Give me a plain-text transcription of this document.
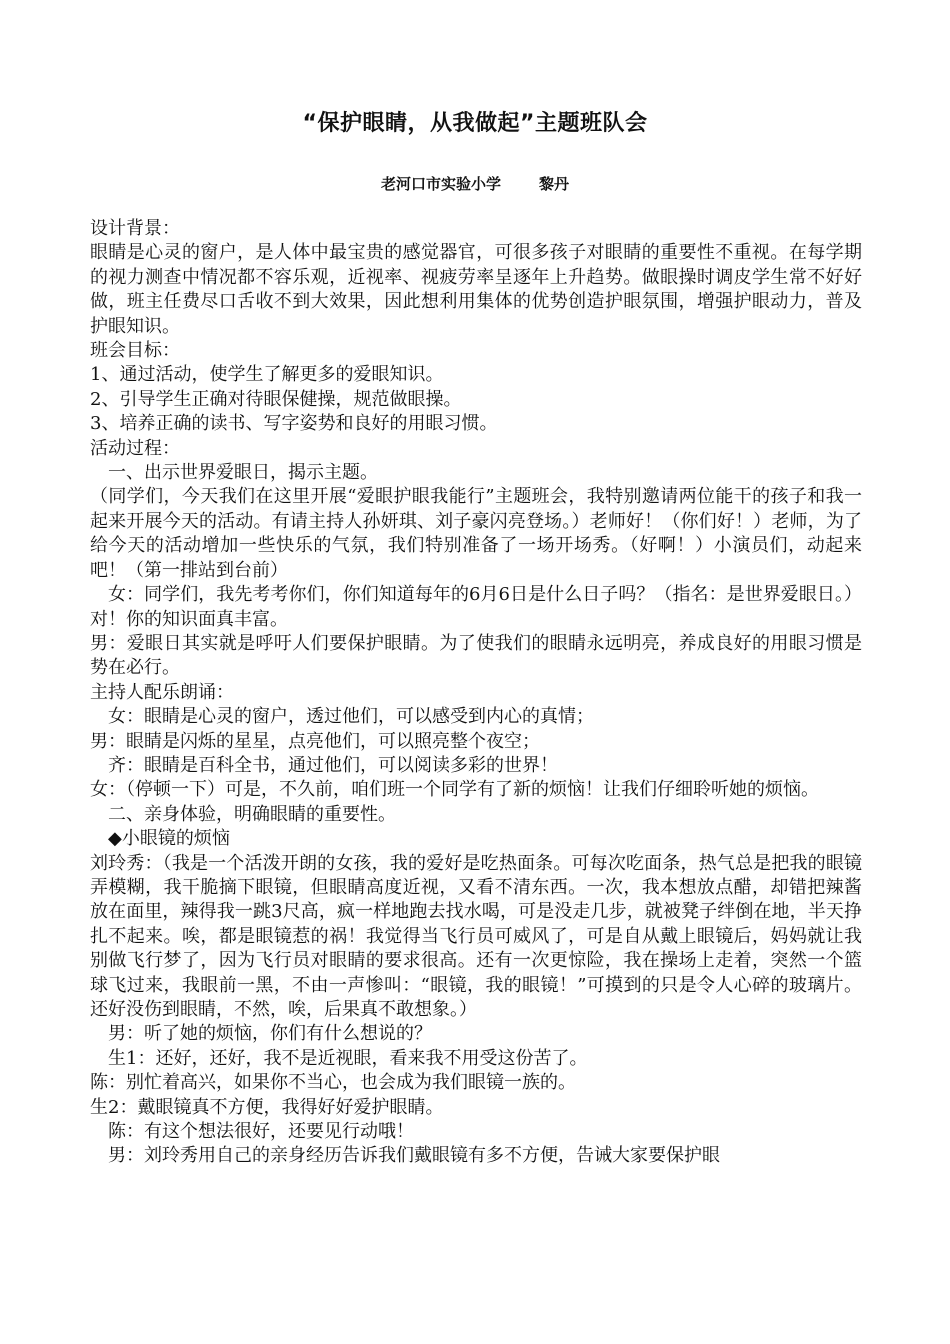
“保护眼睛，从我做起”主题班队会
老河口市实验小学	黎丹

设计背景：

眼睛是心灵的窗户，是人体中最宝贵的感觉器官，可很多孩子对眼睛的重要性不重视。在每学期的视力测查中情况都不容乐观，近视率、视疲劳率呈逐年上升趋势。做眼操时调皮学生常不好好做，班主任费尽口舌收不到大效果，因此想利用集体的优势创造护眼氛围，增强护眼动力，普及护眼知识。

班会目标：

1、通过活动，使学生了解更多的爱眼知识。

2、引导学生正确对待眼保健操，规范做眼操。

3、培养正确的读书、写字姿势和良好的用眼习惯。

活动过程：

一、出示世界爱眼日，揭示主题。

（同学们，今天我们在这里开展“爱眼护眼我能行”主题班会，我特别邀请两位能干的孩子和我一起来开展今天的活动。有请主持人孙妍琪、刘子豪闪亮登场。）老师好！（你们好！）老师，为了给今天的活动增加一些快乐的气氛，我们特别准备了一场开场秀。（好啊！）小演员们，动起来吧！（第一排站到台前）

女：同学们，我先考考你们，你们知道每年的6月6日是什么日子吗？（指名：是世界爱眼日。）对！你的知识面真丰富。

男：爱眼日其实就是呼吁人们要保护眼睛。为了使我们的眼睛永远明亮，养成良好的用眼习惯是势在必行。

主持人配乐朗诵：

女：眼睛是心灵的窗户，透过他们，可以感受到内心的真情；

男：眼睛是闪烁的星星，点亮他们，可以照亮整个夜空；

齐：眼睛是百科全书，通过他们，可以阅读多彩的世界！

女：（停顿一下）可是，不久前，咱们班一个同学有了新的烦恼！让我们仔细聆听她的烦恼。

二、亲身体验，明确眼睛的重要性。

◆小眼镜的烦恼

刘玲秀：（我是一个活泼开朗的女孩，我的爱好是吃热面条。可每次吃面条，热气总是把我的眼镜弄模糊，我干脆摘下眼镜，但眼睛高度近视，又看不清东西。一次，我本想放点醋，却错把辣酱放在面里，辣得我一跳3尺高，疯一样地跑去找水喝，可是没走几步，就被凳子绊倒在地，半天挣扎不起来。唉，都是眼镜惹的祸！我觉得当飞行员可威风了，可是自从戴上眼镜后，妈妈就让我别做飞行梦了，因为飞行员对眼睛的要求很高。还有一次更惊险，我在操场上走着，突然一个篮球飞过来，我眼前一黑，不由一声惨叫：“眼镜，我的眼镜！”可摸到的只是令人心碎的玻璃片。还好没伤到眼睛，不然，唉，后果真不敢想象。）

男：听了她的烦恼，你们有什么想说的？

生1：还好，还好，我不是近视眼，看来我不用受这份苦了。

陈：别忙着高兴，如果你不当心，也会成为我们眼镜一族的。

生2：戴眼镜真不方便，我得好好爱护眼睛。

陈：有这个想法很好，还要见行动哦！

男：刘玲秀用自己的亲身经历告诉我们戴眼镜有多不方便，告诫大家要保护眼
